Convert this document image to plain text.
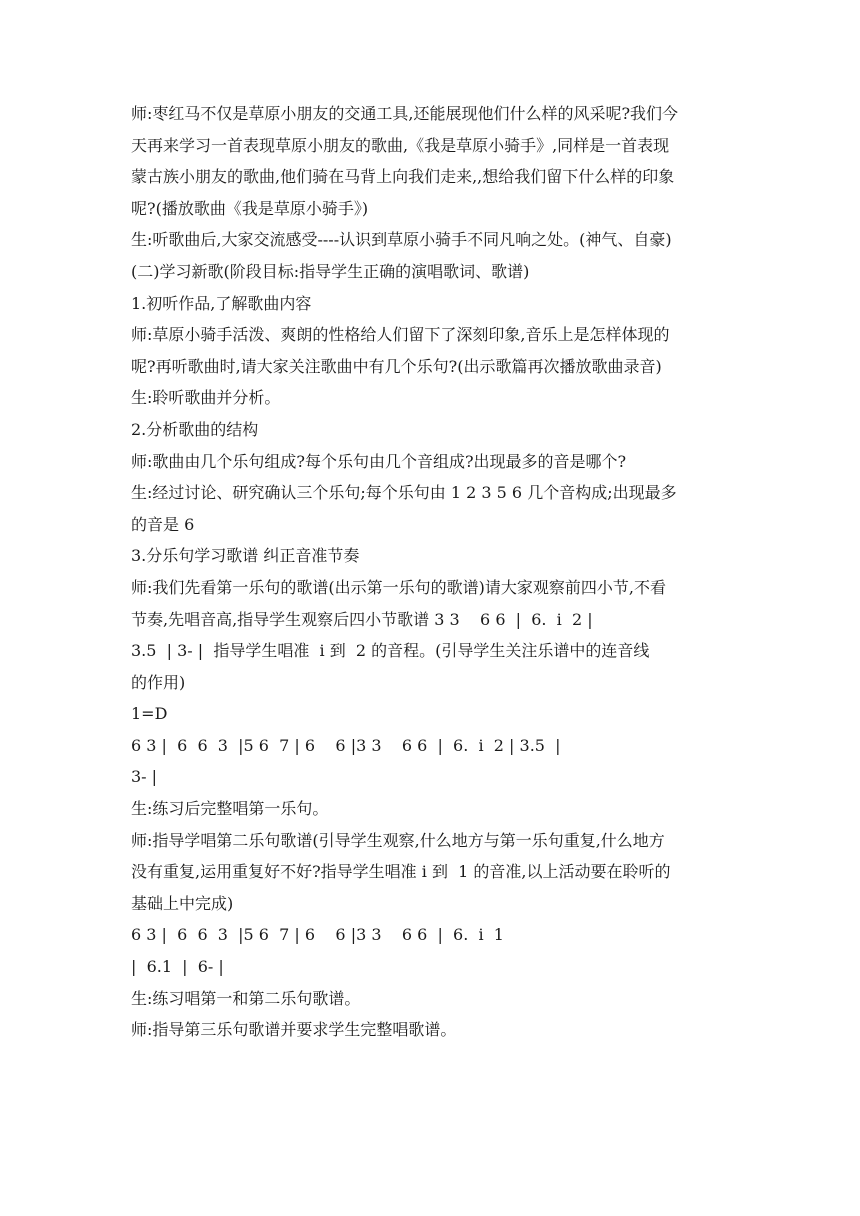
师:枣红马不仅是草原小朋友的交通工具,还能展现他们什么样的风采呢?我们今
天再来学习一首表现草原小朋友的歌曲,《我是草原小骑手》,同样是一首表现
蒙古族小朋友的歌曲,他们骑在马背上向我们走来,,想给我们留下什么样的印象
呢?(播放歌曲《我是草原小骑手》)
生:听歌曲后,大家交流感受----认识到草原小骑手不同凡响之处。(神气、自豪)
(二)学习新歌(阶段目标:指导学生正确的演唱歌词、歌谱)
1.初听作品,了解歌曲内容
师:草原小骑手活泼、爽朗的性格给人们留下了深刻印象,音乐上是怎样体现的
呢?再听歌曲时,请大家关注歌曲中有几个乐句?(出示歌篇再次播放歌曲录音)
生:聆听歌曲并分析。
2.分析歌曲的结构
师:歌曲由几个乐句组成?每个乐句由几个音组成?出现最多的音是哪个?
生:经过讨论、研究确认三个乐句;每个乐句由 1 2 3 5 6 几个音构成;出现最多
的音是 6
3.分乐句学习歌谱 纠正音准节奏
师:我们先看第一乐句的歌谱(出示第一乐句的歌谱)请大家观察前四小节,不看
节奏,先唱音高,指导学生观察后四小节歌谱 3 3    6 6  |  6.  i  2 |
3.5  | 3- |  指导学生唱准  i 到  2 的音程。(引导学生关注乐谱中的连音线
的作用)
1=D
6 3 |  6  6  3  |5 6  7 | 6    6 |3 3    6 6  |  6.  i  2 | 3.5  |
3- |
生:练习后完整唱第一乐句。
师:指导学唱第二乐句歌谱(引导学生观察,什么地方与第一乐句重复,什么地方
没有重复,运用重复好不好?指导学生唱准 i 到  1 的音准,以上活动要在聆听的
基础上中完成)
6 3 |  6  6  3  |5 6  7 | 6    6 |3 3    6 6  |  6.  i  1
|  6.1  |  6- |
生:练习唱第一和第二乐句歌谱。
师:指导第三乐句歌谱并要求学生完整唱歌谱。
